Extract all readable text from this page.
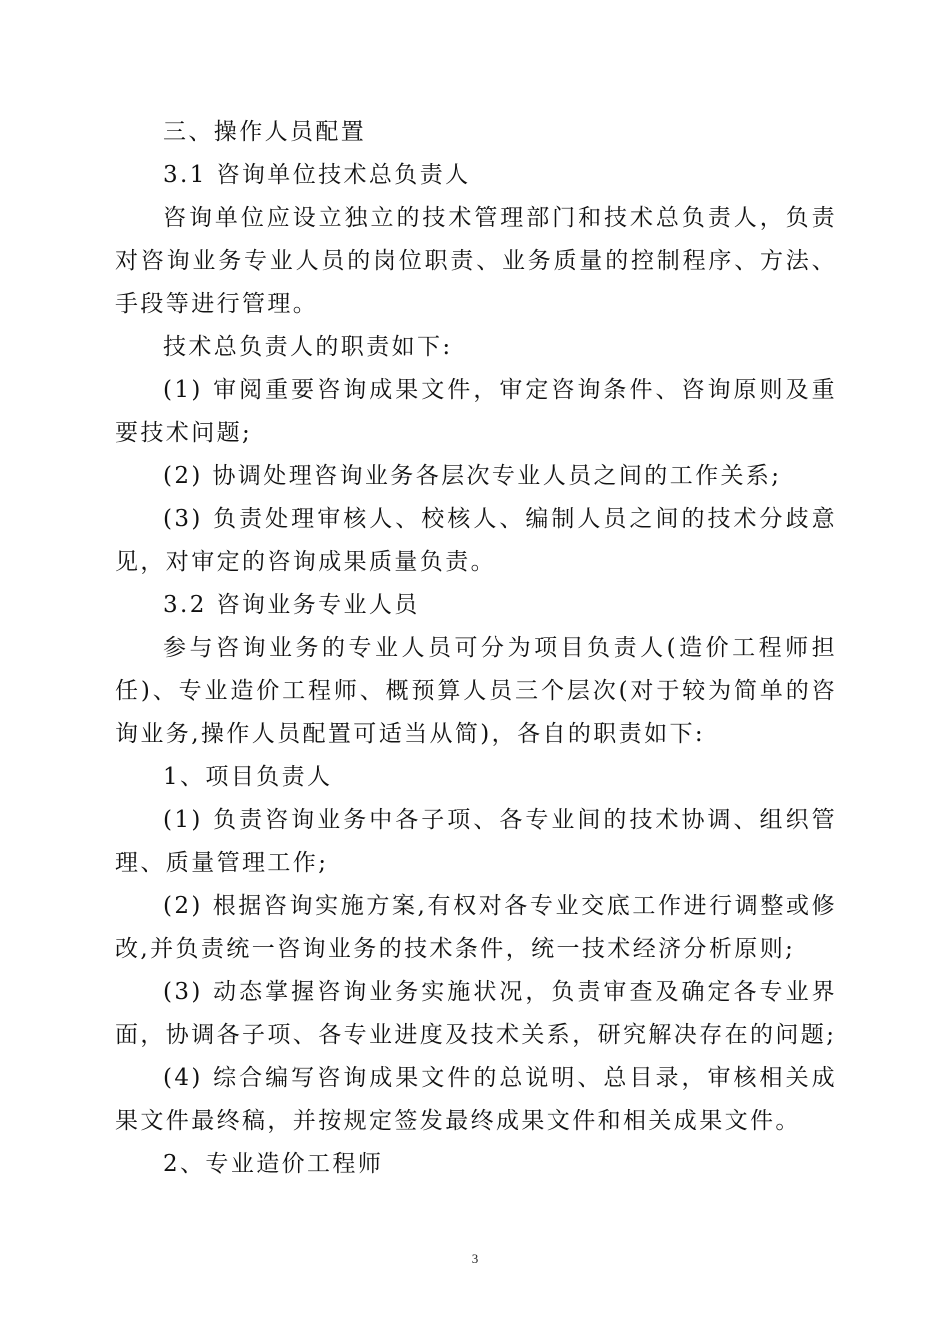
三、操作人员配置

3.1 咨询单位技术总负责人

咨询单位应设立独立的技术管理部门和技术总负责人，负责对咨询业务专业人员的岗位职责、业务质量的控制程序、方法、手段等进行管理。

技术总负责人的职责如下:

(1) 审阅重要咨询成果文件，审定咨询条件、咨询原则及重要技术问题;

(2) 协调处理咨询业务各层次专业人员之间的工作关系;

(3) 负责处理审核人、校核人、编制人员之间的技术分歧意见，对审定的咨询成果质量负责。

3.2 咨询业务专业人员

参与咨询业务的专业人员可分为项目负责人(造价工程师担任)、专业造价工程师、概预算人员三个层次(对于较为简单的咨询业务,操作人员配置可适当从简)，各自的职责如下:

1、项目负责人

(1) 负责咨询业务中各子项、各专业间的技术协调、组织管理、质量管理工作;

(2) 根据咨询实施方案,有权对各专业交底工作进行调整或修改,并负责统一咨询业务的技术条件，统一技术经济分析原则;

(3) 动态掌握咨询业务实施状况，负责审查及确定各专业界面，协调各子项、各专业进度及技术关系，研究解决存在的问题;

(4) 综合编写咨询成果文件的总说明、总目录，审核相关成果文件最终稿，并按规定签发最终成果文件和相关成果文件。

2、专业造价工程师

3
